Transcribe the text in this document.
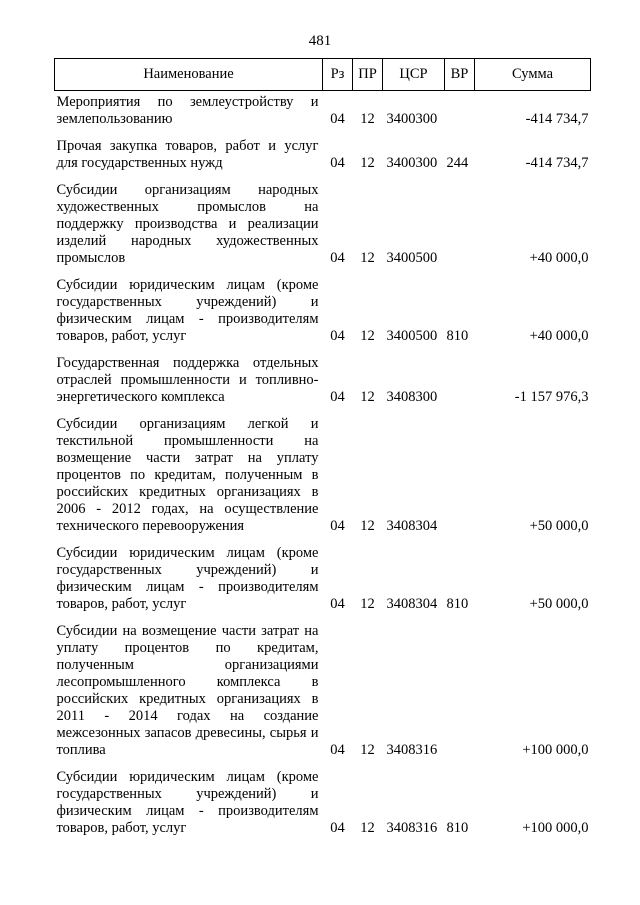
481
Наименование	Рз	ПР	ЦСР	ВР	Сумма
Мероприятия по землеустройству и землепользованию	04	12	3400300		-414 734,7
Прочая закупка товаров, работ и услуг для государственных нужд	04	12	3400300	244	-414 734,7
Субсидии организациям народных художественных промыслов на поддержку производства и реализации изделий народных художественных промыслов	04	12	3400500		+40 000,0
Субсидии юридическим лицам (кроме государственных учреждений) и физическим лицам - производителям товаров, работ, услуг	04	12	3400500	810	+40 000,0
Государственная поддержка отдельных отраслей промышленности и топливно-энергетического комплекса	04	12	3408300		-1 157 976,3
Субсидии организациям легкой и текстильной промышленности на возмещение части затрат на уплату процентов по кредитам, полученным в российских кредитных организациях в 2006 - 2012 годах, на осуществление технического перевооружения	04	12	3408304		+50 000,0
Субсидии юридическим лицам (кроме государственных учреждений) и физическим лицам - производителям товаров, работ, услуг	04	12	3408304	810	+50 000,0
Субсидии на возмещение части затрат на уплату процентов по кредитам, полученным организациями лесопромышленного комплекса в российских кредитных организациях в 2011 - 2014 годах на создание межсезонных запасов древесины, сырья и топлива	04	12	3408316		+100 000,0
Субсидии юридическим лицам (кроме государственных учреждений) и физическим лицам - производителям товаров, работ, услуг	04	12	3408316	810	+100 000,0
